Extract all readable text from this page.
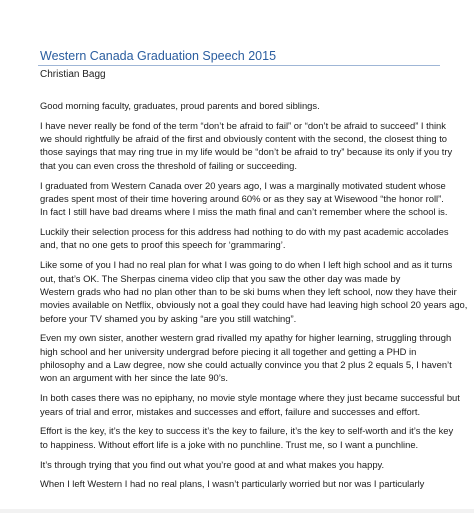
Western Canada Graduation Speech 2015
Christian Bagg
Good morning faculty, graduates, proud parents and bored siblings.
I have never really be fond of the term “don’t be afraid to fail” or “don’t be afraid to succeed” I think
we should rightfully be afraid of the first and obviously content with the second, the closest thing to
those sayings that may ring true in my life would be “don’t be afraid to try” because its only if you try
that you can even cross the threshold of failing or succeeding.
I graduated from Western Canada over 20 years ago, I was a marginally motivated student whose
grades spent most of their time hovering around 60% or as they say at Wisewood “the honor roll”.
In fact I still have bad dreams where I miss the math final and can’t remember where the school is.
Luckily their selection process for this address had nothing to do with my past academic accolades
and, that no one gets to proof this speech for ‘grammaring’.
Like some of you I had no real plan for what I was going to do when I left high school and as it turns
out, that’s OK. The Sherpas cinema video clip that you saw the other day was made by
Western grads who had no plan other than to be ski bums when they left school, now they have their
movies available on Netflix, obviously not a goal they could have had leaving high school 20 years ago,
before your TV shamed you by asking “are you still watching”.
Even my own sister, another western grad rivalled my apathy for higher learning, struggling through
high school and her university undergrad before piecing it all together and getting a PHD in
philosophy and a Law degree, now she could actually convince you that 2 plus 2 equals 5, I haven’t
won an argument with her since the late 90’s.
In both cases there was no epiphany, no movie style montage where they just became successful but
years of trial and error, mistakes and successes and effort, failure and successes and effort.
Effort is the key, it’s the key to success it’s the key to failure, it’s the key to self-worth and it’s the key
to happiness. Without effort life is a joke with no punchline. Trust me, so I want a punchline.
It’s through trying that you find out what you’re good at and what makes you happy.
When I left Western I had no real plans, I wasn’t particularly worried but nor was I particularly
